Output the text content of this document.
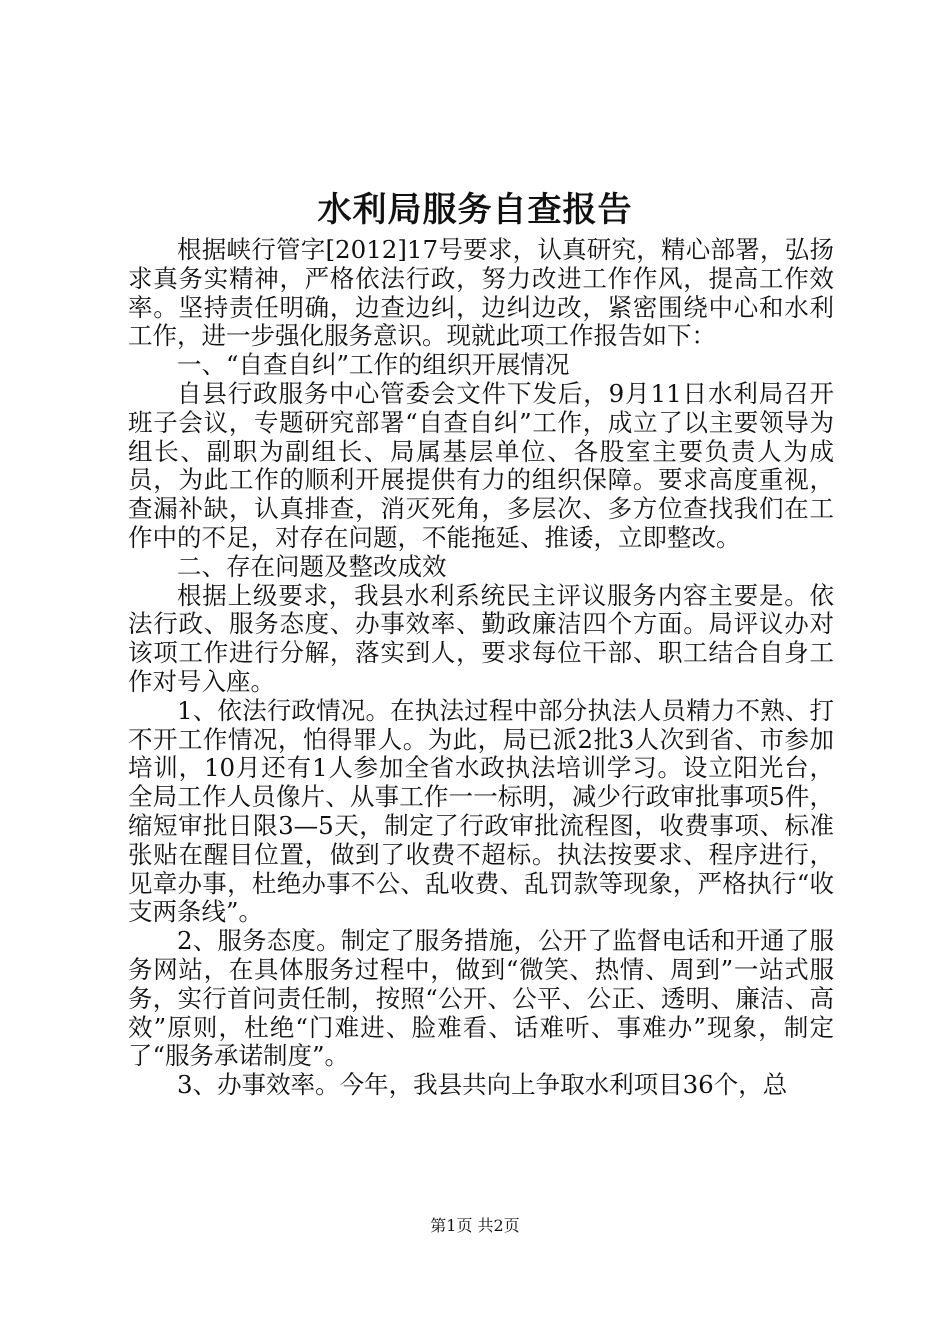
水利局服务自查报告

根据峡行管字[2012]17号要求，认真研究，精心部署，弘扬求真务实精神，严格依法行政，努力改进工作作风，提高工作效率。坚持责任明确，边查边纠，边纠边改，紧密围绕中心和水利工作，进一步强化服务意识。现就此项工作报告如下：

一、“自查自纠”工作的组织开展情况

自县行政服务中心管委会文件下发后，9月11日水利局召开班子会议，专题研究部署“自查自纠”工作，成立了以主要领导为组长、副职为副组长、局属基层单位、各股室主要负责人为成员，为此工作的顺利开展提供有力的组织保障。要求高度重视，查漏补缺，认真排查，消灭死角，多层次、多方位查找我们在工作中的不足，对存在问题，不能拖延、推诿，立即整改。

二、存在问题及整改成效

根据上级要求，我县水利系统民主评议服务内容主要是。依法行政、服务态度、办事效率、勤政廉洁四个方面。局评议办对该项工作进行分解，落实到人，要求每位干部、职工结合自身工作对号入座。

1、依法行政情况。在执法过程中部分执法人员精力不熟、打不开工作情况，怕得罪人。为此，局已派2批3人次到省、市参加培训，10月还有1人参加全省水政执法培训学习。设立阳光台，全局工作人员像片、从事工作一一标明，减少行政审批事项5件，缩短审批日限3—5天，制定了行政审批流程图，收费事项、标准张贴在醒目位置，做到了收费不超标。执法按要求、程序进行，见章办事，杜绝办事不公、乱收费、乱罚款等现象，严格执行“收支两条线”。

2、服务态度。制定了服务措施，公开了监督电话和开通了服务网站，在具体服务过程中，做到“微笑、热情、周到”一站式服务，实行首问责任制，按照“公开、公平、公正、透明、廉洁、高效”原则，杜绝“门难进、脸难看、话难听、事难办”现象，制定了“服务承诺制度”。

3、办事效率。今年，我县共向上争取水利项目36个，总

第1页 共2页
